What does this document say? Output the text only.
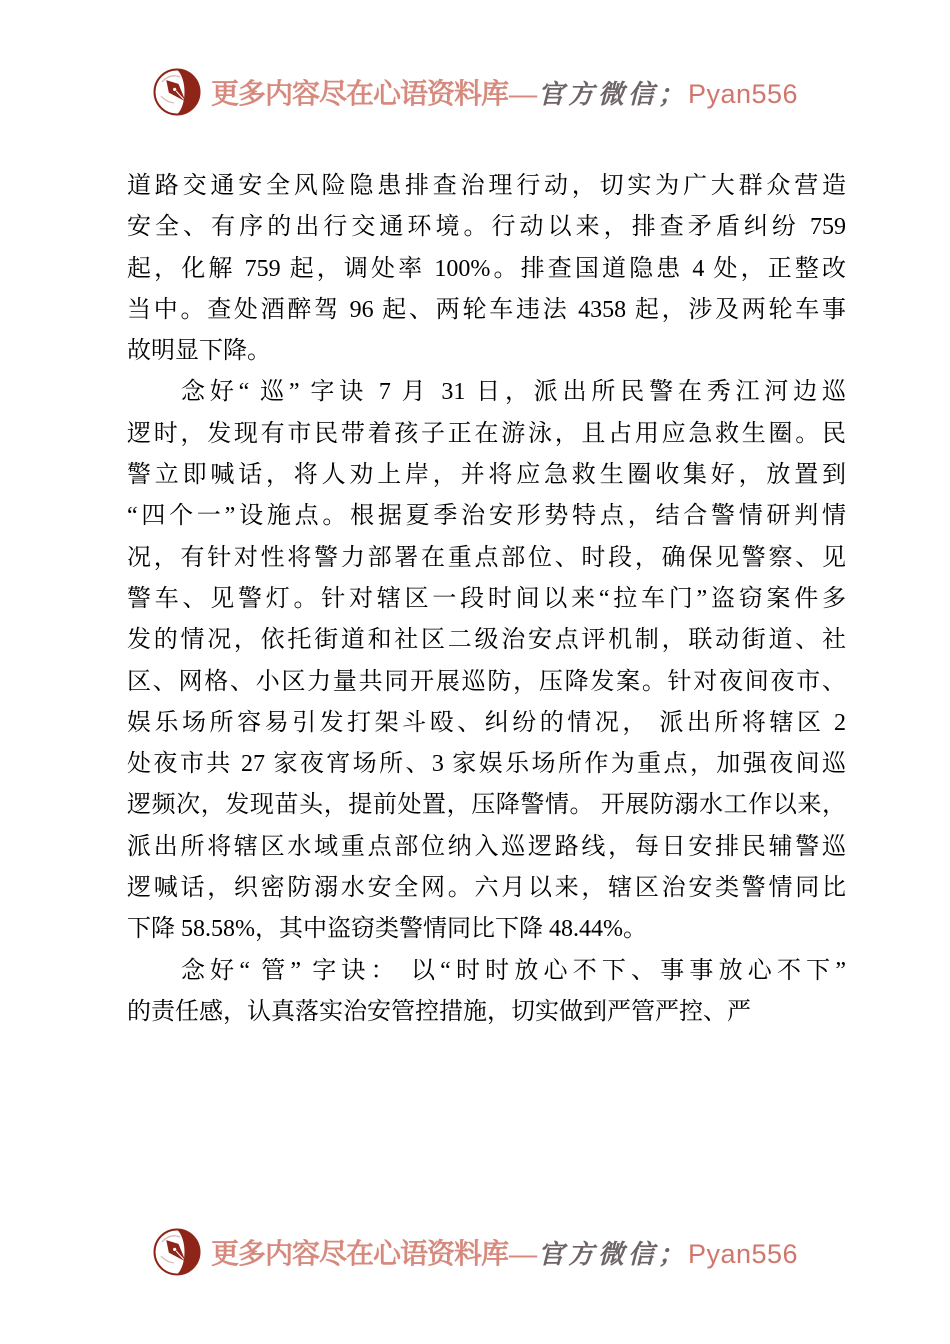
更多内容尽在心语资料库 — 官方微信； Pyan556
道路交通安全风险隐患排查治理行动，切实为广大群众营造
安全、有序的出行交通环境。行动以来，排查矛盾纠纷 759
起，化解 759 起，调处率 100%。排查国道隐患 4 处，正整改
当中。查处酒醉驾 96 起、两轮车违法 4358 起，涉及两轮车事
故明显下降。
念好“ 巡” 字诀 7 月 31 日，派出所民警在秀江河边巡
逻时，发现有市民带着孩子正在游泳，且占用应急救生圈。民
警立即喊话，将人劝上岸，并将应急救生圈收集好，放置到
“四个一”设施点。根据夏季治安形势特点，结合警情研判情
况，有针对性将警力部署在重点部位、时段，确保见警察、见
警车、见警灯。针对辖区一段时间以来“拉车门”盗窃案件多
发的情况，依托街道和社区二级治安点评机制，联动街道、社
区、网格、小区力量共同开展巡防，压降发案。针对夜间夜市、
娱乐场所容易引发打架斗殴、纠纷的情况， 派出所将辖区 2
处夜市共 27 家夜宵场所、3 家娱乐场所作为重点，加强夜间巡
逻频次，发现苗头，提前处置，压降警情。 开展防溺水工作以来，
派出所将辖区水域重点部位纳入巡逻路线，每日安排民辅警巡
逻喊话，织密防溺水安全网。六月以来，辖区治安类警情同比
下降 58.58%，其中盗窃类警情同比下降 48.44%。
念好“ 管” 字诀： 以“时时放心不下、事事放心不下”
的责任感，认真落实治安管控措施，切实做到严管严控、严
更多内容尽在心语资料库 — 官方微信； Pyan556
